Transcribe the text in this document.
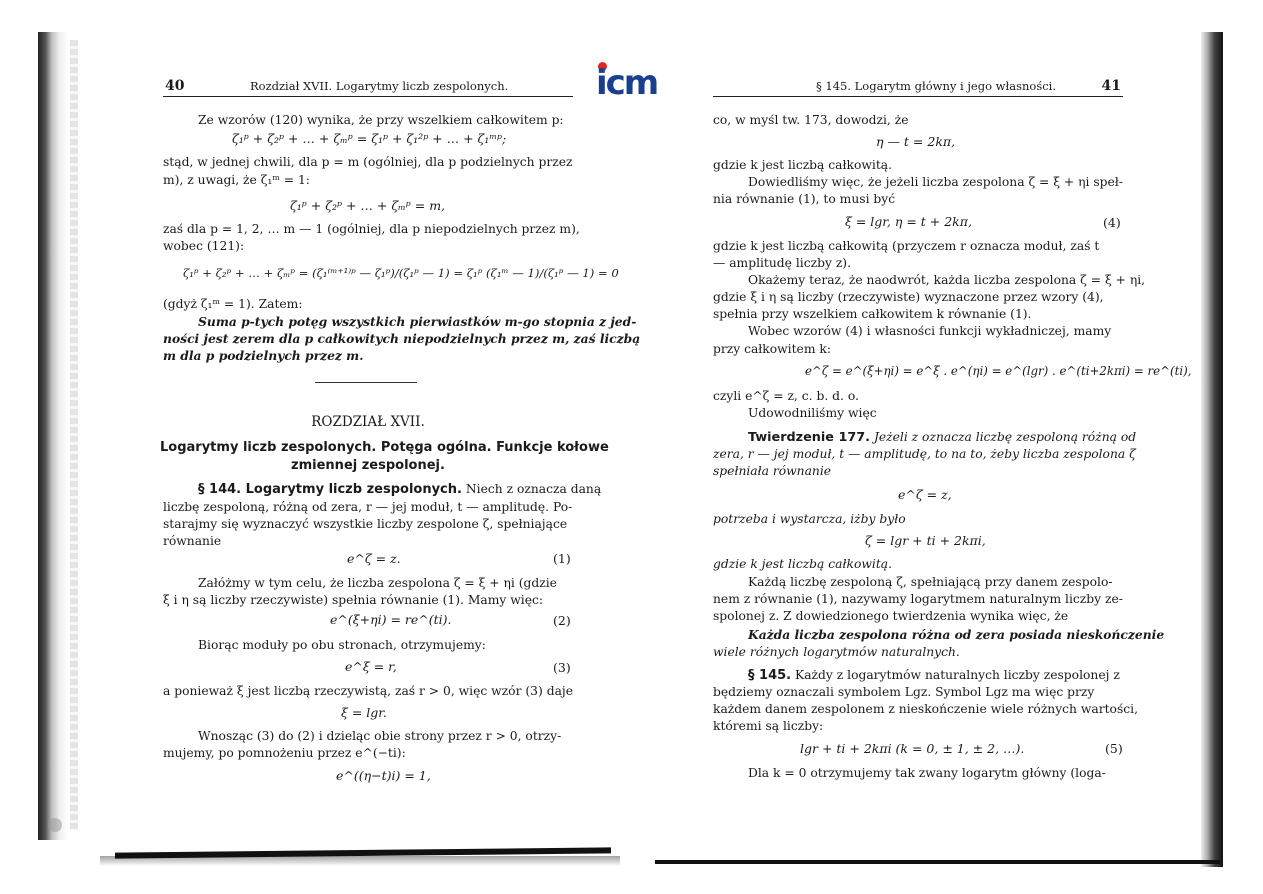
icm
40	Rozdział XVII. Logarytmy liczb zespolonych.
Ze wzorów (120) wynika, że przy wszelkiem całkowitem p:
ζ₁ᵖ + ζ₂ᵖ + … + ζₘᵖ = ζ₁ᵖ + ζ₁²ᵖ + … + ζ₁ᵐᵖ;
stąd, w jednej chwili, dla p = m (ogólniej, dla p podzielnych przez
m), z uwagi, że ζ₁ᵐ = 1:
ζ₁ᵖ + ζ₂ᵖ + … + ζₘᵖ = m,
zaś dla p = 1, 2, … m — 1 (ogólniej, dla p niepodzielnych przez m),
wobec (121):
ζ₁ᵖ + ζ₂ᵖ + … + ζₘᵖ = (ζ₁⁽ᵐ⁺¹⁾ᵖ — ζ₁ᵖ)/(ζ₁ᵖ — 1) = ζ₁ᵖ (ζ₁ᵐ — 1)/(ζ₁ᵖ — 1) = 0
(gdyż ζ₁ᵐ = 1). Zatem:
Suma p-tych potęg wszystkich pierwiastków m-go stopnia z jed-
ności jest zerem dla p całkowitych niepodzielnych przez m, zaś liczbą
m dla p podzielnych przez m.
ROZDZIAŁ XVII.
Logarytmy liczb zespolonych. Potęga ogólna. Funkcje kołowe
zmiennej zespolonej.
§ 144. Logarytmy liczb zespolonych. Niech z oznacza daną
liczbę zespoloną, różną od zera, r — jej moduł, t — amplitudę. Po-
starajmy się wyznaczyć wszystkie liczby zespolone ζ, spełniające
równanie
e^ζ = z.	(1)
Załóżmy w tym celu, że liczba zespolona ζ = ξ + ηi (gdzie
ξ i η są liczby rzeczywiste) spełnia równanie (1). Mamy więc:
e^(ξ+ηi) = re^(ti).	(2)
Biorąc moduły po obu stronach, otrzymujemy:
e^ξ = r,	(3)
a ponieważ ξ jest liczbą rzeczywistą, zaś r > 0, więc wzór (3) daje
ξ = lgr.
Wnosząc (3) do (2) i dzieląc obie strony przez r > 0, otrzy-
mujemy, po pomnożeniu przez e^(−ti):
e^((η−t)i) = 1,
§ 145. Logarytm główny i jego własności.	41
co, w myśl tw. 173, dowodzi, że
η — t = 2kπ,
gdzie k jest liczbą całkowitą.
Dowiedliśmy więc, że jeżeli liczba zespolona ζ = ξ + ηi speł-
nia równanie (1), to musi być
ξ = lgr, η = t + 2kπ,	(4)
gdzie k jest liczbą całkowitą (przyczem r oznacza moduł, zaś t
— amplitudę liczby z).
Okażemy teraz, że naodwrót, każda liczba zespolona ζ = ξ + ηi,
gdzie ξ i η są liczby (rzeczywiste) wyznaczone przez wzory (4),
spełnia przy wszelkiem całkowitem k równanie (1).
Wobec wzorów (4) i własności funkcji wykładniczej, mamy
przy całkowitem k:
e^ζ = e^(ξ+ηi) = e^ξ . e^(ηi) = e^(lgr) . e^(ti+2kπi) = re^(ti),
czyli e^ζ = z, c. b. d. o.
Udowodniliśmy więc
Twierdzenie 177. Jeżeli z oznacza liczbę zespoloną różną od
zera, r — jej moduł, t — amplitudę, to na to, żeby liczba zespolona ζ
spełniała równanie
e^ζ = z,
potrzeba i wystarcza, iżby było
ζ = lgr + ti + 2kπi,
gdzie k jest liczbą całkowitą.
Każdą liczbę zespoloną ζ, spełniającą przy danem zespolo-
nem z równanie (1), nazywamy logarytmem naturalnym liczby ze-
spolonej z. Z dowiedzionego twierdzenia wynika więc, że
Każda liczba zespolona różna od zera posiada nieskończenie
wiele różnych logarytmów naturalnych.
§ 145. Każdy z logarytmów naturalnych liczby zespolonej z
będziemy oznaczali symbolem Lgz. Symbol Lgz ma więc przy
każdem danem zespolonem z nieskończenie wiele różnych wartości,
któremi są liczby:
lgr + ti + 2kπi (k = 0, ± 1, ± 2, …).	(5)
Dla k = 0 otrzymujemy tak zwany logarytm główny (loga-
